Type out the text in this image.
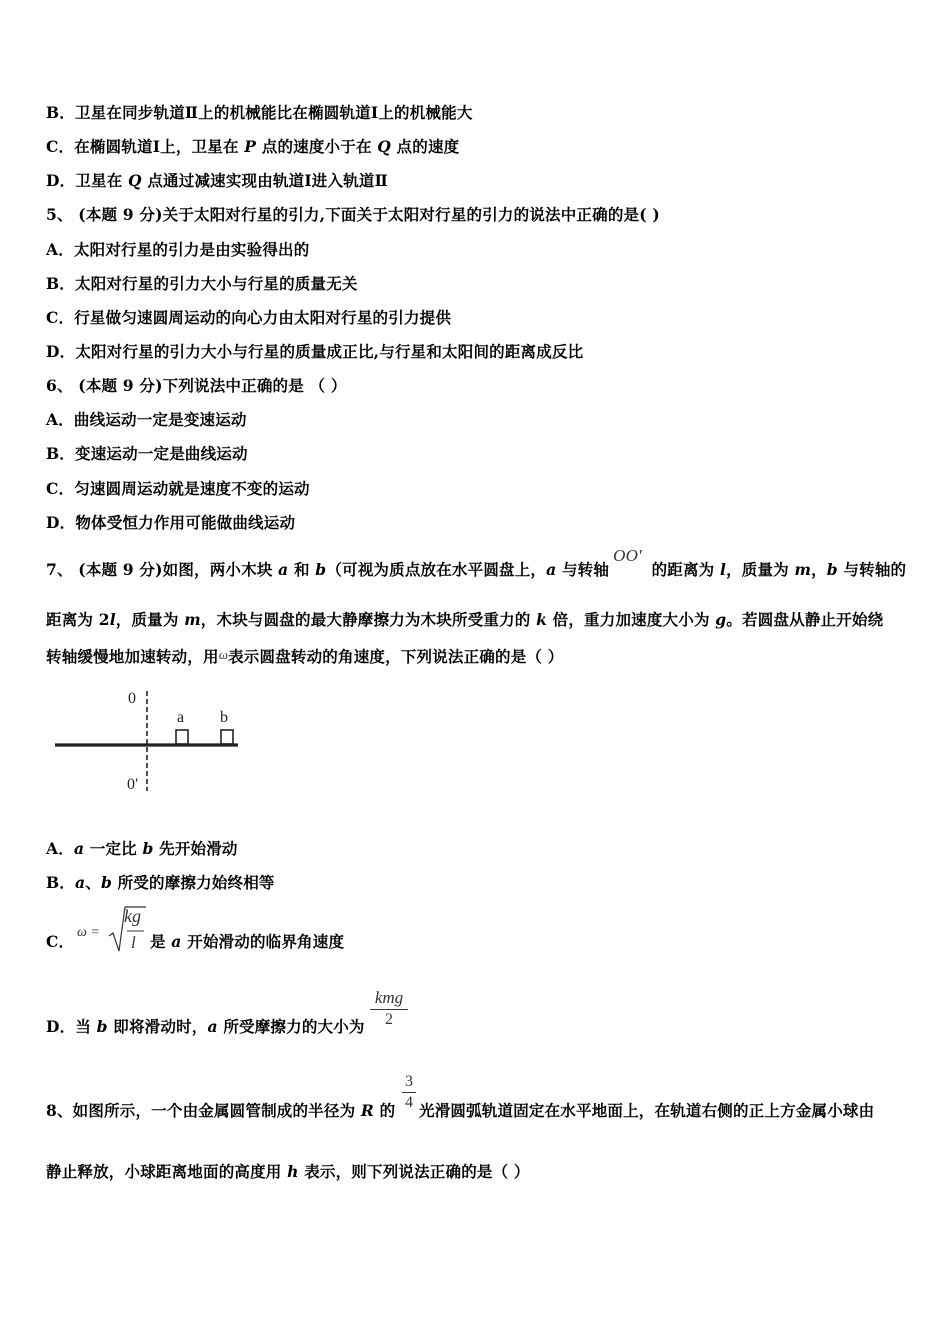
B．卫星在同步轨道Ⅱ上的机械能比在椭圆轨道Ⅰ上的机械能大
C．在椭圆轨道Ⅰ上，卫星在 P 点的速度小于在 Q 点的速度
D．卫星在 Q 点通过减速实现由轨道Ⅰ进入轨道Ⅱ
5、 (本题 9 分)关于太阳对行星的引力,下面关于太阳对行星的引力的说法中正确的是( )
A．太阳对行星的引力是由实验得出的
B．太阳对行星的引力大小与行星的质量无关
C．行星做匀速圆周运动的向心力由太阳对行星的引力提供
D．太阳对行星的引力大小与行星的质量成正比,与行星和太阳间的距离成反比
6、 (本题 9 分)下列说法中正确的是 （ ）
A．曲线运动一定是变速运动
B．变速运动一定是曲线运动
C．匀速圆周运动就是速度不变的运动
D．物体受恒力作用可能做曲线运动
7、 (本题 9 分)如图，两小木块 a 和 b（可视为质点放在水平圆盘上，a 与转轴OO′ 的距离为 l，质量为 m，b 与转轴的
距离为 2l，质量为 m，木块与圆盘的最大静摩擦力为木块所受重力的 k 倍，重力加速度大小为 g。若圆盘从静止开始绕
转轴缓慢地加速转动，用ω表示圆盘转动的角速度，下列说法正确的是（ ）
0
a b
0′
A．a 一定比 b 先开始滑动
B．a、b 所受的摩擦力始终相等
C． ω =
kg
l 是 a 开始滑动的临界角速度
D．当 b 即将滑动时，a 所受摩擦力的大小为
kmg
2
8、如图所示，一个由金属圆管制成的半径为 R 的
3
4 光滑圆弧轨道固定在水平地面上，在轨道右侧的正上方金属小球由
静止释放，小球距离地面的高度用 h 表示，则下列说法正确的是（ ）
